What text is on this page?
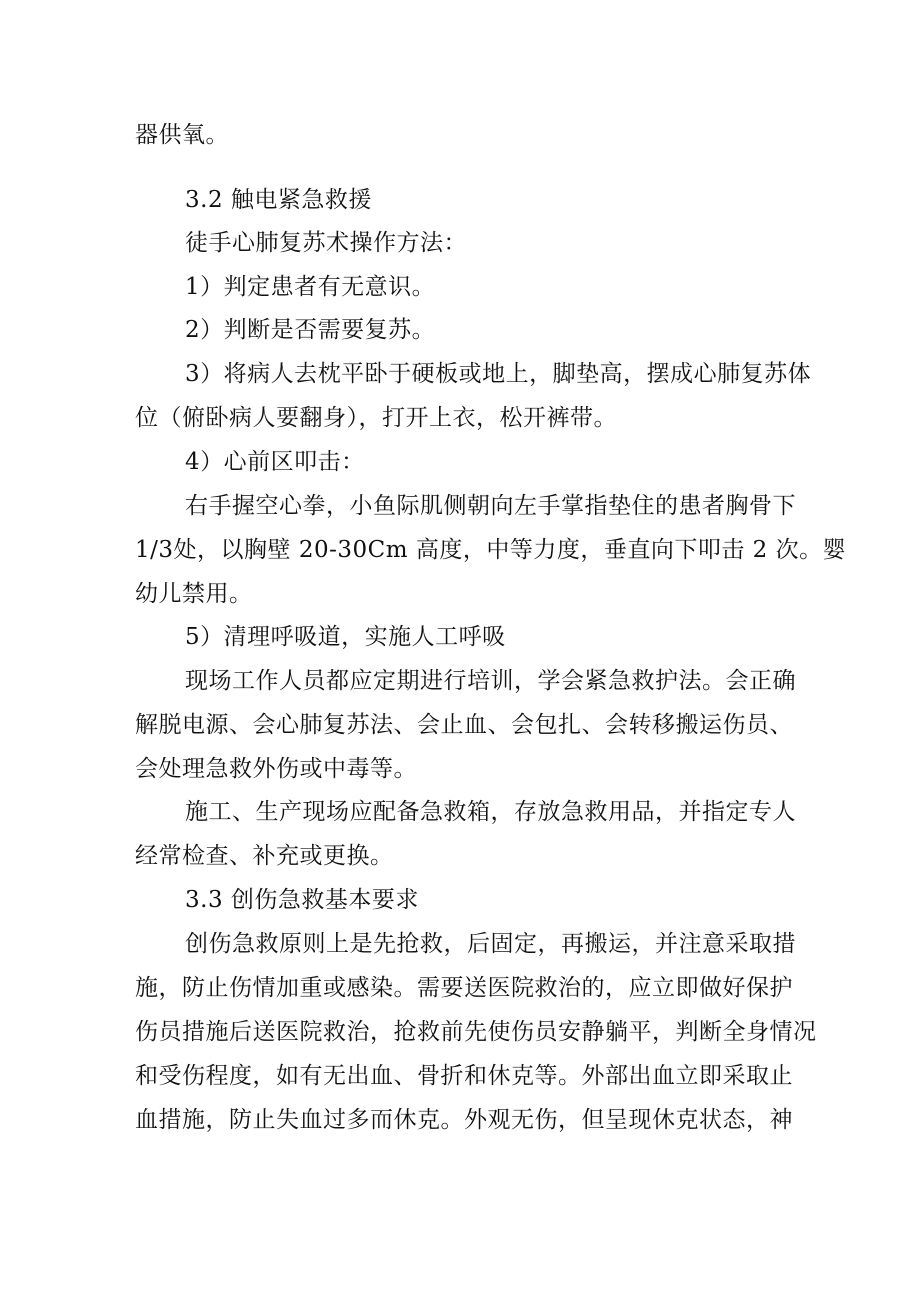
器供氧。
3.2 触电紧急救援
徒手心肺复苏术操作方法：
1）判定患者有无意识。
2）判断是否需要复苏。
3）将病人去枕平卧于硬板或地上，脚垫高，摆成心肺复苏体
位（俯卧病人要翻身），打开上衣，松开裤带。
4）心前区叩击：
右手握空心拳，小鱼际肌侧朝向左手掌指垫住的患者胸骨下
1/3处，以胸壁 20-30Cm 高度，中等力度，垂直向下叩击 2 次。婴
幼儿禁用。
5）清理呼吸道，实施人工呼吸
现场工作人员都应定期进行培训，学会紧急救护法。会正确
解脱电源、会心肺复苏法、会止血、会包扎、会转移搬运伤员、
会处理急救外伤或中毒等。
施工、生产现场应配备急救箱，存放急救用品，并指定专人
经常检查、补充或更换。
3.3 创伤急救基本要求
创伤急救原则上是先抢救，后固定，再搬运，并注意采取措
施，防止伤情加重或感染。需要送医院救治的，应立即做好保护
伤员措施后送医院救治，抢救前先使伤员安静躺平，判断全身情况
和受伤程度，如有无出血、骨折和休克等。外部出血立即采取止
血措施，防止失血过多而休克。外观无伤，但呈现休克状态，神
